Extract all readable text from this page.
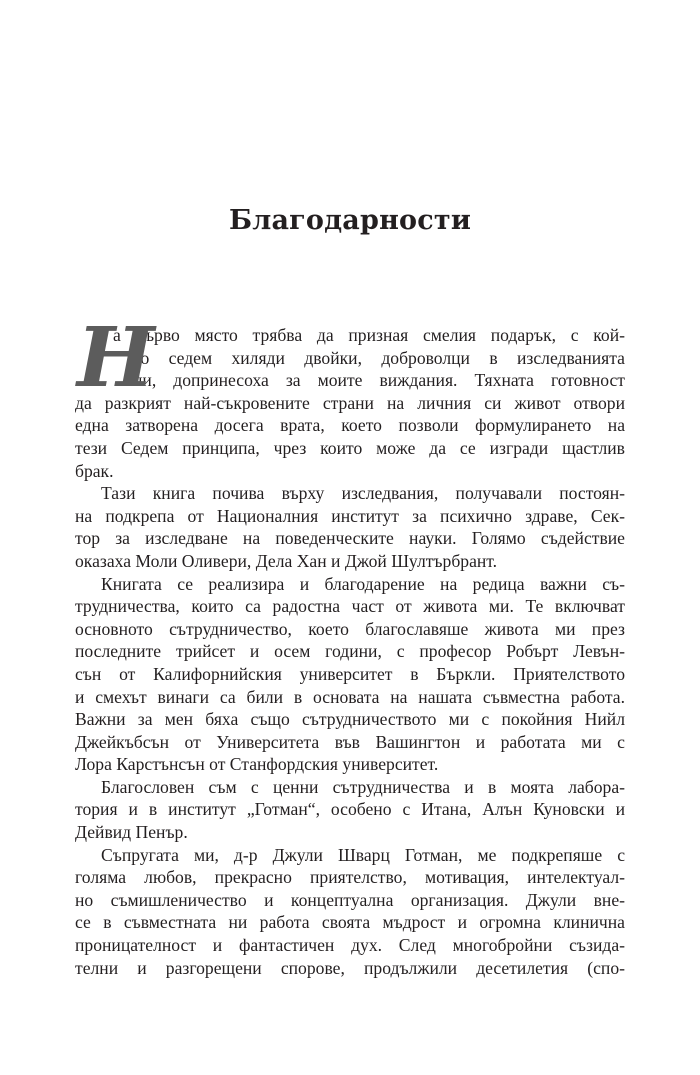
Благодарности
Н
а първо място трябва да призная смелия подарък, с кой-
то седем хиляди двойки, доброволци в изследванията
ни, допринесоха за моите виждания. Тяхната готовност
да разкрият най-съкровените страни на личния си живот отвори
една затворена досега врата, което позволи формулирането на
тези Седем принципа, чрез които може да се изгради щастлив
брак.
Тази книга почива върху изследвания, получавали постоян-
на подкрепа от Националния институт за психично здраве, Сек-
тор за изследване на поведенческите науки. Голямо съдействие
оказаха Моли Оливери, Дела Хан и Джой Шултърбрант.
Книгата се реализира и благодарение на редица важни съ-
трудничества, които са радостна част от живота ми. Те включват
основното сътрудничество, което благославяше живота ми през
последните трийсет и осем години, с професор Робърт Левън-
сън от Калифорнийския университет в Бъркли. Приятелството
и смехът винаги са били в основата на нашата съвместна работа.
Важни за мен бяха също сътрудничеството ми с покойния Нийл
Джейкъбсън от Университета във Вашингтон и работата ми с
Лора Карстънсън от Станфордския университет.
Благословен съм с ценни сътрудничества и в моята лабора-
тория и в институт „Готман“, особено с Итана, Алън Куновски и
Дейвид Пенър.
Съпругата ми, д-р Джули Шварц Готман, ме подкрепяше с
голяма любов, прекрасно приятелство, мотивация, интелектуал-
но съмишленичество и концептуална организация. Джули вне-
се в съвместната ни работа своята мъдрост и огромна клинична
проницателност и фантастичен дух. След многобройни съзида-
телни и разгорещени спорове, продължили десетилетия (спо-
